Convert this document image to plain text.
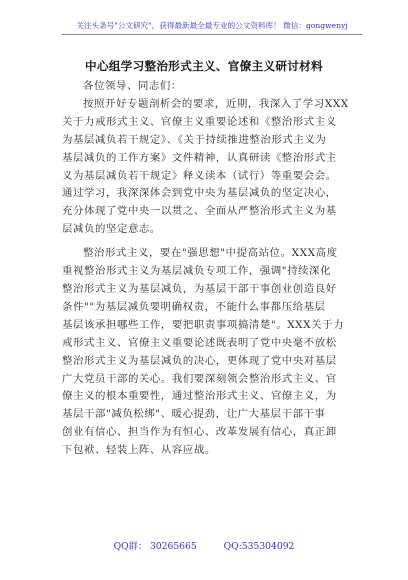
关注头条号"公文研究"，获得最新最全最专业的公文资料库！ 微信：gongwenyj
中心组学习整治形式主义、官僚主义研讨材料
各位领导、同志们：
按照开好专题剖析会的要求，近期，我深入了学习XXX
关于力戒形式主义、官僚主义重要论述和《整治形式主义
为基层减负若干规定》、《关于持续推进整治形式主义为
基层减负的工作方案》文件精神，认真研读《整治形式主
义为基层减负若干规定》释义读本（试行）等重要会会。
通过学习，我深深体会到党中央为基层减负的坚定决心，
充分体现了党中央一以贯之、全面从严整治形式主义为基
层减负的坚定意志。
整治形式主义，要在"强思想"中提高站位。XXX高度
重视整治形式主义为基层减负专项工作，强调"持续深化
整治形式主义为基层减负，为基层干部干事创业创造良好
条件""为基层减负要明确权责，不能什么事都压给基层
基层该承担哪些工作，要把职责事项搞清楚"。XXX关于力
戒形式主义、官僚主义重要论述既表明了党中央毫不放松
整治形式主义为基层减负的决心，更体现了党中央对基层
广大党员干部的关心。我们要深刻领会整治形式主义、官
僚主义的根本重要性，通过整治形式主义、官僚主义，为
基层干部"减负松绑"、暖心提劲，让广大基层干部干事
创业有信心、担当作为有恒心、改革发展有信心，真正卸
下包袱、轻装上阵、从容应战。
QQ群： 30265665	QQ:535304092
